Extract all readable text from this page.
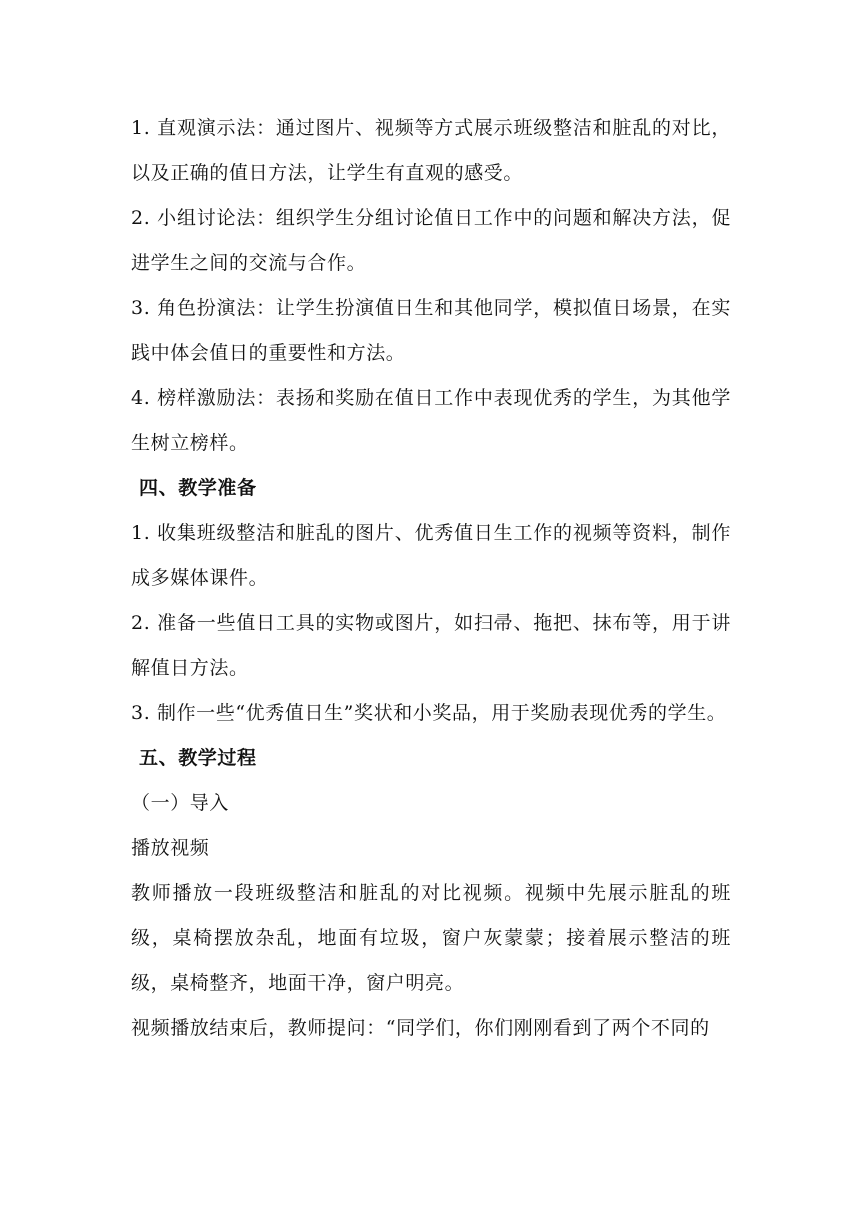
1. 直观演示法：通过图片、视频等方式展示班级整洁和脏乱的对比，以及正确的值日方法，让学生有直观的感受。

2. 小组讨论法：组织学生分组讨论值日工作中的问题和解决方法，促进学生之间的交流与合作。

3. 角色扮演法：让学生扮演值日生和其他同学，模拟值日场景，在实践中体会值日的重要性和方法。

4. 榜样激励法：表扬和奖励在值日工作中表现优秀的学生，为其他学生树立榜样。

四、教学准备

1. 收集班级整洁和脏乱的图片、优秀值日生工作的视频等资料，制作成多媒体课件。

2. 准备一些值日工具的实物或图片，如扫帚、拖把、抹布等，用于讲解值日方法。

3. 制作一些“优秀值日生”奖状和小奖品，用于奖励表现优秀的学生。

五、教学过程

（一）导入

播放视频

教师播放一段班级整洁和脏乱的对比视频。视频中先展示脏乱的班级，桌椅摆放杂乱，地面有垃圾，窗户灰蒙蒙；接着展示整洁的班级，桌椅整齐，地面干净，窗户明亮。

视频播放结束后，教师提问：“同学们，你们刚刚看到了两个不同的
